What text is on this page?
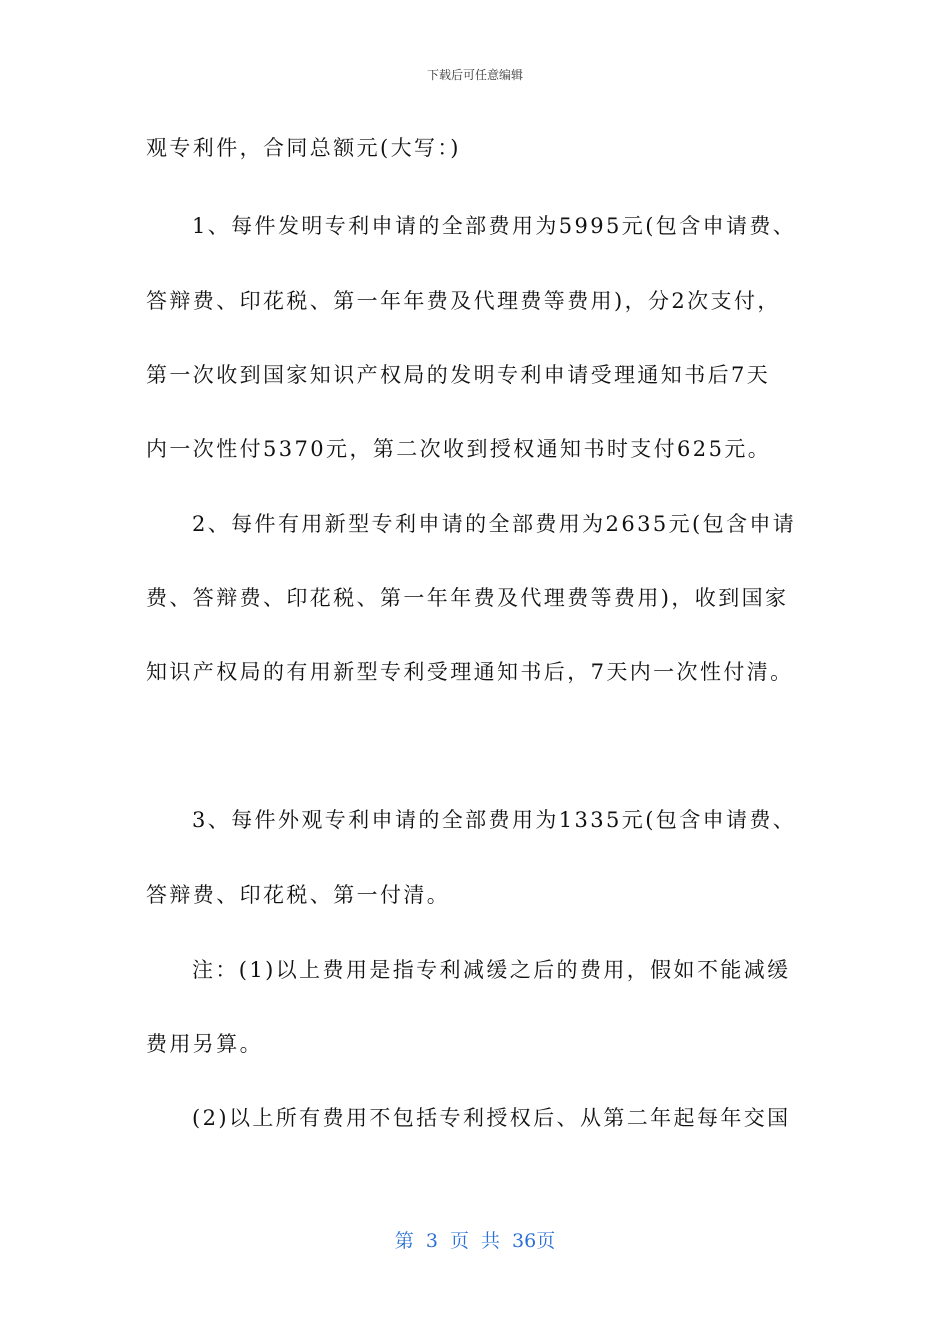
下载后可任意编辑
观专利件，合同总额元(大写：)
1、每件发明专利申请的全部费用为5995元(包含申请费、
答辩费、印花税、第一年年费及代理费等费用)，分2次支付，
第一次收到国家知识产权局的发明专利申请受理通知书后7天
内一次性付5370元，第二次收到授权通知书时支付625元。
2、每件有用新型专利申请的全部费用为2635元(包含申请
费、答辩费、印花税、第一年年费及代理费等费用)，收到国家
知识产权局的有用新型专利受理通知书后，7天内一次性付清。
3、每件外观专利申请的全部费用为1335元(包含申请费、
答辩费、印花税、第一付清。
注：(1)以上费用是指专利减缓之后的费用，假如不能减缓
费用另算。
(2)以上所有费用不包括专利授权后、从第二年起每年交国
第 3 页 共 36页
